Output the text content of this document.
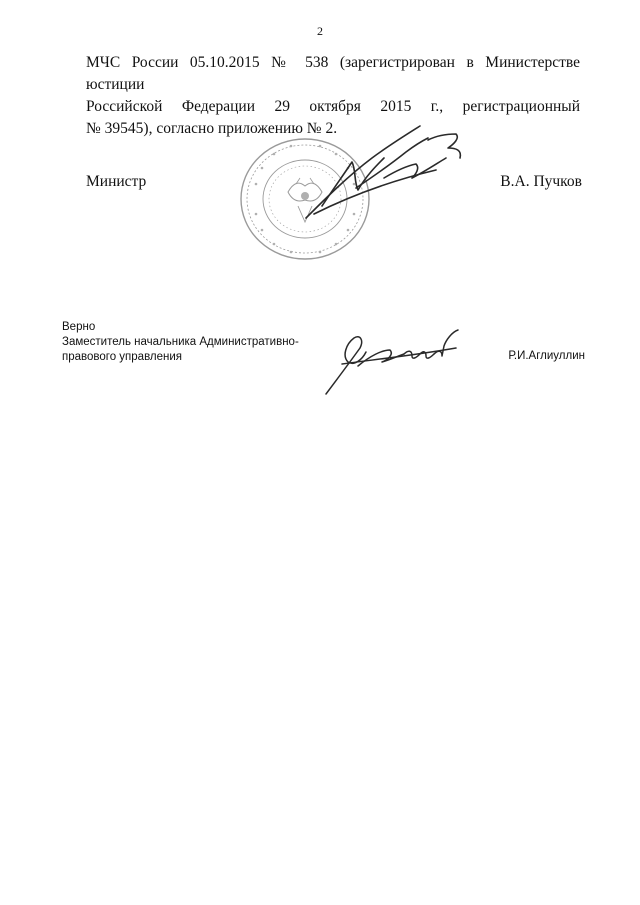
2
МЧС России 05.10.2015 № 538 (зарегистрирован в Министерстве юстиции
Российской Федерации 29 октября 2015 г., регистрационный
№ 39545), согласно приложению № 2.
Министр	В.А. Пучков
Верно
Заместитель начальника Административно-
правового управления	Р.И.Аглиуллин
